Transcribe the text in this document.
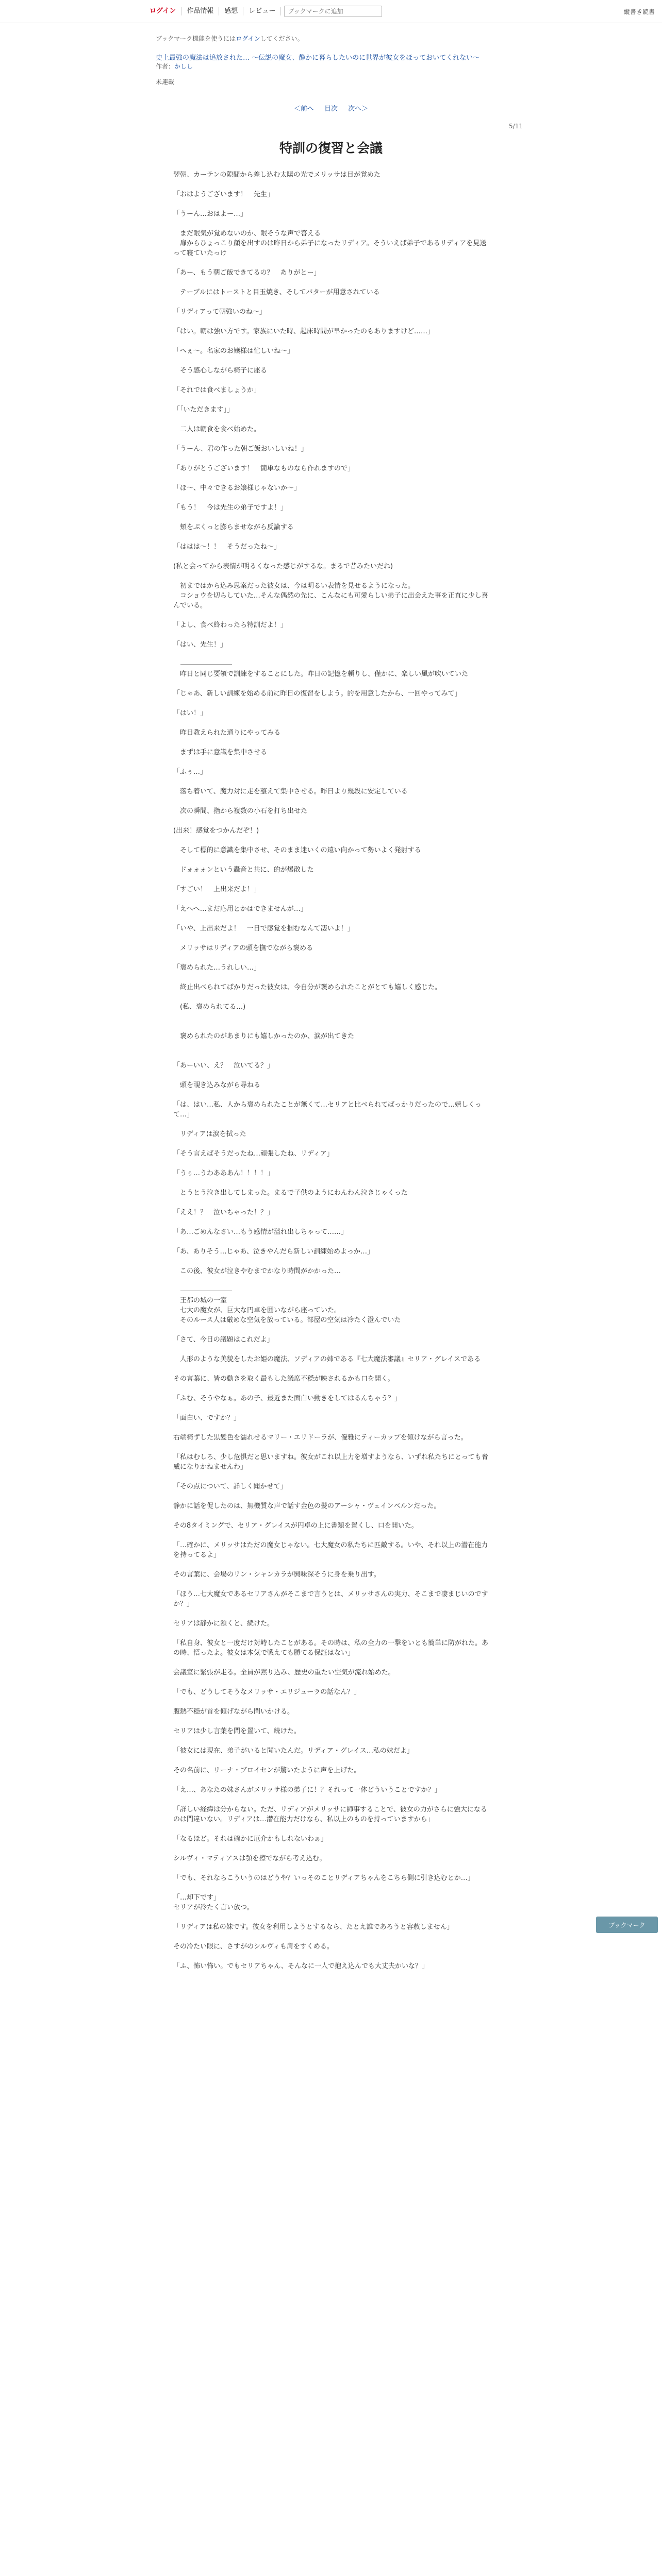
ログイン	作品情報	感想	レビュー
ブックマークに追加	縦書き読書
ブックマーク機能を使うにはログインしてください。
史上最強の魔法は追放された… ～伝説の魔女、静かに暮らしたいのに世界が彼女をほっておいてくれない～
作者：かしし
未連載
＜前へ 目次 次へ＞
5/11
特訓の復習と会議

翌朝、カーテンの隙間から差し込む太陽の光でメリッサは目が覚めた

「おはようございます！　先生」

「うーん…おはよー…」

　まだ眠気が覚めないのか、眠そうな声で答える

　扉からひょっこり顔を出すのは昨日から弟子になったリディア。そういえば弟子であるリディアを見送って寝ていたっけ

「あー、もう朝ご飯できてるの？　ありがとー」

　テーブルにはトーストと目玉焼き、そしてバターが用意されている

「リディアって朝強いのね～」

「はい。朝は強い方です。家族にいた時、起床時間が早かったのもありますけど……」

「へぇ～。名家のお嬢様は忙しいね～」

　そう感心しながら椅子に座る

「それでは食べましょうか」

「「いただきます」」

　二人は朝食を食べ始めた。

「うーん、君の作った朝ご飯おいしいね！」

「ありがとうございます！　簡単なものなら作れますので」

「ほ～、中々できるお嬢様じゃないか～」

「もう！　今は先生の弟子ですよ！」

　頬をぷくっと膨らませながら反論する

「ははは～！！　そうだったね～」

(私と会ってから表情が明るくなった感じがするな。まるで昔みたいだね)

　初まではから込み思案だった彼女は、今は明るい表情を見せるようになった。

　コショウを切らしていた…そんな偶然の先に、こんなにも可愛らしい弟子に出会えた事を正直に少し喜んでいる。

「よし、食べ終わったら特訓だよ！」

「はい、先生！」

　昨日と同じ要領で訓練をすることにした。昨日の記憶を頼りし、僅かに、楽しい風が吹いていた

「じゃあ、新しい訓練を始める前に昨日の復習をしよう。的を用意したから、一回やってみて」

「はい！」

　昨日教えられた通りにやってみる

　まずは手に意識を集中させる

「ふぅ…」

　落ち着いて、魔力対に走を整えて集中させる。昨日より幾段に安定している

　次の瞬間、指から複数の小石を打ち出せた

(出来！感覚をつかんだぞ！)

　そして標的に意識を集中させ、そのまま迷いくの遠い向かって勢いよく発射する

　ドォォォンという轟音と共に、的が爆散した

「すごい！　上出来だよ！」

「えへへ…まだ応用とかはできませんが…」

「いや、上出来だよ！　一日で感覚を掴むなんて凄いよ！」

　メリッサはリディアの頭を撫でながら褒める

「褒められた…うれしい…」

　終止出べられてばかりだった彼女は、今自分が褒められたことがとても嬉しく感じた。

　(私、褒められてる…)

　褒められたのがあまりにも嬉しかったのか、涙が出てきた

「あーいい、え？　泣いてる？」

　頭を覗き込みながら尋ねる

「は、はい…私、人から褒められたことが無くて…セリアと比べられてばっかりだったので…嬉しくって…」

　リディアは涙を拭った

「そう言えばそうだったね…頑張したね、リディア」

「うぅ…うわあああん！！！！」

　とうとう泣き出してしまった。まるで子供のようにわんわん泣きじゃくった

「ええ！？　泣いちゃった！？」

「あ…ごめんなさい…もう感情が溢れ出しちゃって……」

「あ、ありそう…じゃあ、泣きやんだら新しい訓練始めよっか…」

　この後、彼女が泣きやむまでかなり時間がかかった…

　王都の城の一室

　七大の魔女が、巨大な円卓を囲いながら座っていた。

　そのルース人は厳めな空気を放っている。部屋の空気は冷たく澄んでいた

「さて、今日の議題はこれだよ」

　人形のような美貌をしたお姫の魔法、ソディアの姉である『七大魔法審議』セリア・グレイスである

その言葉に、皆の動きを取く最もした議席不穏が映されるかも口を開く。

「ふむ、そうやなぁ。あの子、最近また面白い動きをしてはるんちゃう？」

「面白い、ですか？」

右端椅ずした黒髪色を濡れせるマリー・エリドーラが、優雅にティーカップを傾けながら言った。

「私はむしろ、少し危惧だと思いますね。彼女がこれ以上力を増すようなら、いずれ私たちにとっても脅威になりかねませんわ」

「その点について、詳しく聞かせて」

静かに話を促したのは、無機質な声で話す金色の髪のアーシャ・ヴェインベルンだった。

その8タイミングで、セリア・グレイスが円卓の上に書類を置くし、口を開いた。

「…確かに、メリッサはただの魔女じゃない。七大魔女の私たちに匹敵する。いや、それ以上の潜在能力を持ってるよ」

その言葉に、会場のリン・シャンカラが興味深そうに身を乗り出す。

「ほう…七大魔女であるセリアさんがそこまで言うとは、メリッサさんの実力、そこまで凄まじいのですか？」

セリアは静かに頷くと、続けた。

「私自身、彼女と一度だけ対峙したことがある。その時は、私の全力の一撃をいとも簡単に防がれた。あの時、悟ったよ。彼女は本気で戦えても勝てる保証はない」

会議室に緊張が走る。全員が黙り込み、歴史の重たい空気が流れ始めた。

「でも、どうしてそうなメリッサ・エリジューラの話なん？」

腹熱不穏が首を傾げながら問いかける。

セリアは少し言葉を間を置いて、続けた。

「彼女には現在、弟子がいると聞いたんだ。リディア・グレイス…私の妹だよ」

その名前に、リーナ・ブロイセンが驚いたように声を上げた。

「え…、あなたの妹さんがメリッサ様の弟子に！？それって一体どういうことですか？」

「詳しい経緯は分からない。ただ、リディアがメリッサに師事することで、彼女の力がさらに強大になるのは間違いない。リディアは…潜在能力だけなら、私以上のものを持っていますから」

「なるほど。それは確かに厄介かもしれないわぁ」

シルヴィ・マティアスは顎を擦でながら考え込む。

「でも、それならこういうのはどうや？いっそのことリディアちゃんをこちら側に引き込むとか…」

「…却下です」

セリアが冷たく言い放つ。

「リディアは私の妹です。彼女を利用しようとするなら、たとえ誰であろうと容赦しません」

その冷たい眼に、さすがのシルヴィも肩をすくめる。

「ふ、怖い怖い。でもセリアちゃん、そんなに一人で抱え込んでも大丈夫かいな？」

ブックマーク
